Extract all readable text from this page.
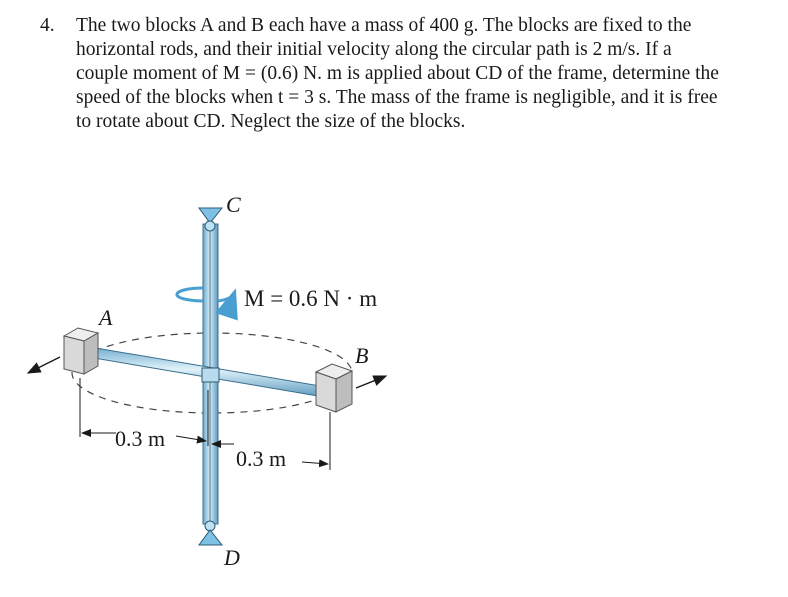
4.	The two blocks A and B each have a mass of 400 g. The blocks are fixed to the
horizontal rods, and their initial velocity along the circular path is 2 m/s. If a
couple moment of M = (0.6) N. m is applied about CD of the frame, determine the
speed of the blocks when t = 3 s. The mass of the frame is negligible, and it is free
to rotate about CD. Neglect the size of the blocks.
C
D
A
B
M = 0.6 N · m
0.3 m
0.3 m
